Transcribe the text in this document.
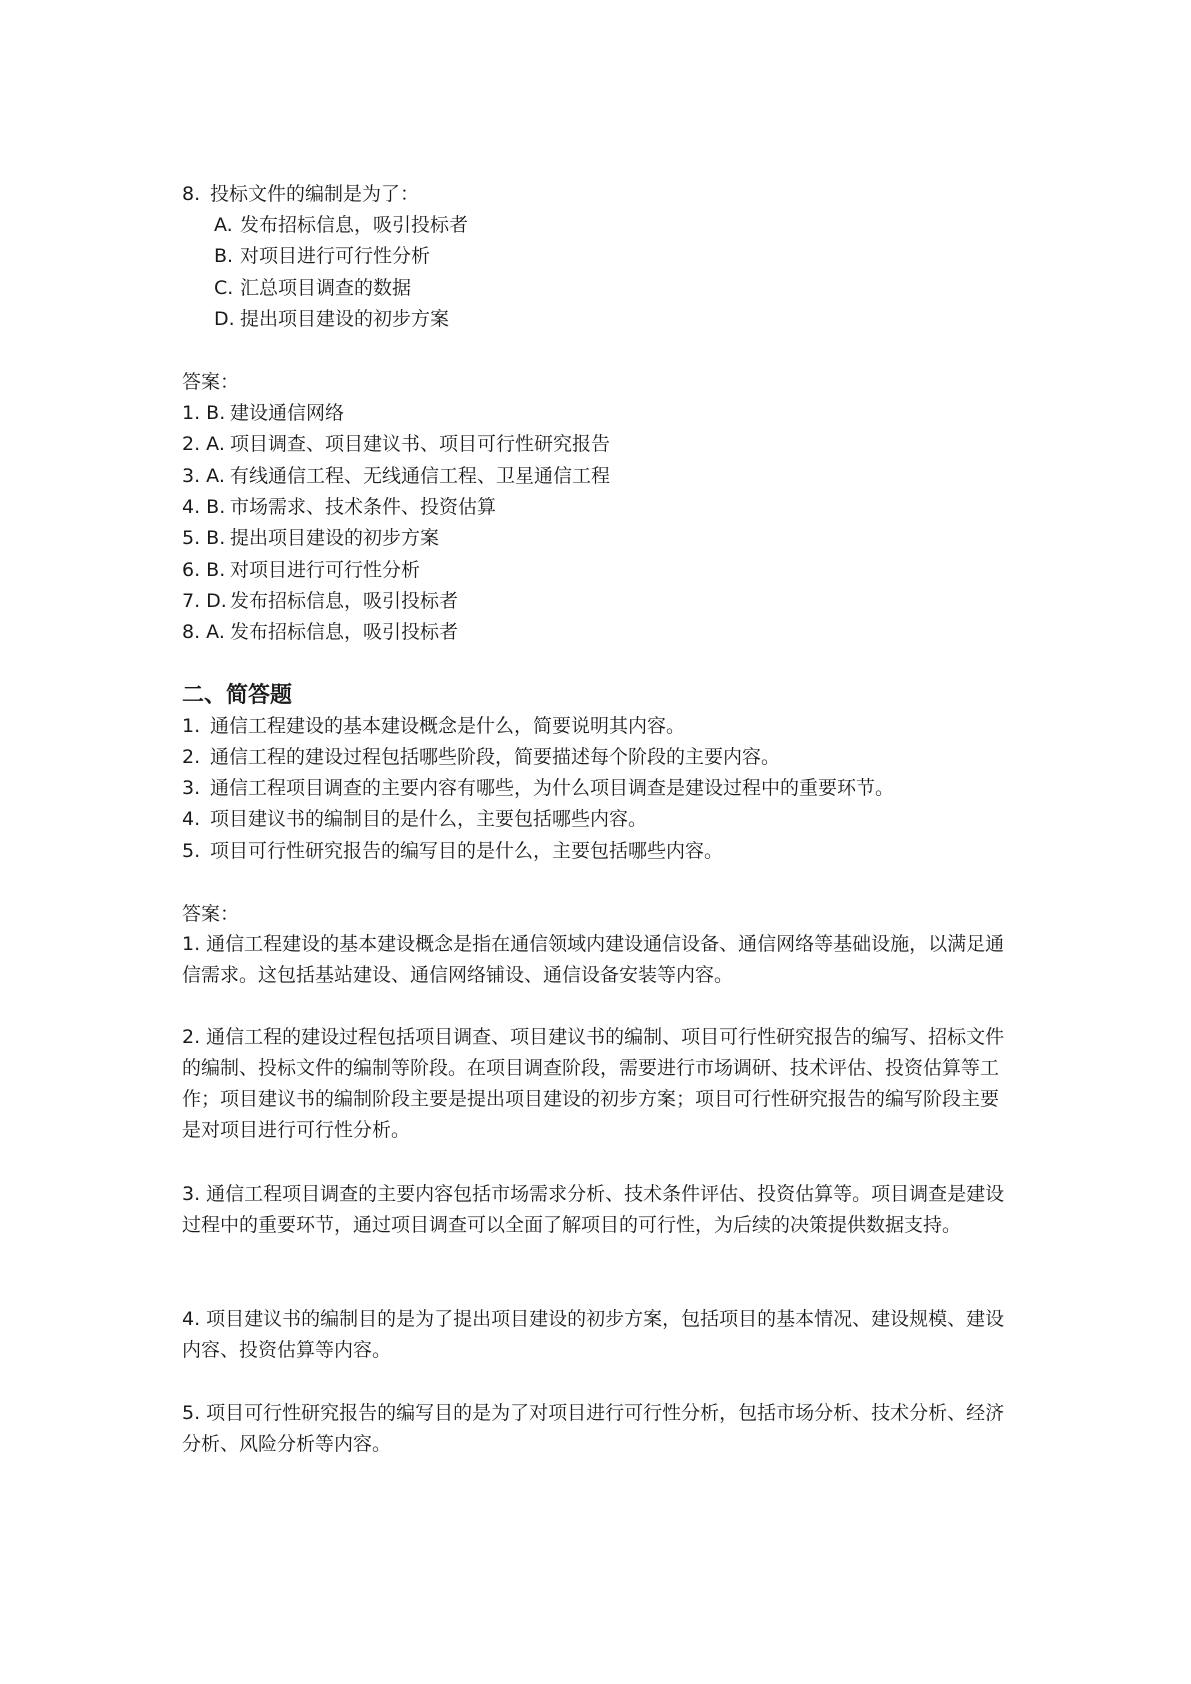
8. 投标文件的编制是为了：
A. 发布招标信息，吸引投标者
B. 对项目进行可行性分析
C. 汇总项目调查的数据
D. 提出项目建设的初步方案
答案：
1. B. 建设通信网络
2. A. 项目调查、项目建议书、项目可行性研究报告
3. A. 有线通信工程、无线通信工程、卫星通信工程
4. B. 市场需求、技术条件、投资估算
5. B. 提出项目建设的初步方案
6. B. 对项目进行可行性分析
7. D. 发布招标信息，吸引投标者
8. A. 发布招标信息，吸引投标者
二、简答题
1. 通信工程建设的基本建设概念是什么，简要说明其内容。
2. 通信工程的建设过程包括哪些阶段，简要描述每个阶段的主要内容。
3. 通信工程项目调查的主要内容有哪些，为什么项目调查是建设过程中的重要环节。
4. 项目建议书的编制目的是什么，主要包括哪些内容。
5. 项目可行性研究报告的编写目的是什么，主要包括哪些内容。
答案：
1. 通信工程建设的基本建设概念是指在通信领域内建设通信设备、通信网络等基础设施，以满足通信需求。这包括基站建设、通信网络铺设、通信设备安装等内容。
2. 通信工程的建设过程包括项目调查、项目建议书的编制、项目可行性研究报告的编写、招标文件的编制、投标文件的编制等阶段。在项目调查阶段，需要进行市场调研、技术评估、投资估算等工作；项目建议书的编制阶段主要是提出项目建设的初步方案；项目可行性研究报告的编写阶段主要是对项目进行可行性分析。
3. 通信工程项目调查的主要内容包括市场需求分析、技术条件评估、投资估算等。项目调查是建设过程中的重要环节，通过项目调查可以全面了解项目的可行性，为后续的决策提供数据支持。
4. 项目建议书的编制目的是为了提出项目建设的初步方案，包括项目的基本情况、建设规模、建设内容、投资估算等内容。
5. 项目可行性研究报告的编写目的是为了对项目进行可行性分析，包括市场分析、技术分析、经济分析、风险分析等内容。
